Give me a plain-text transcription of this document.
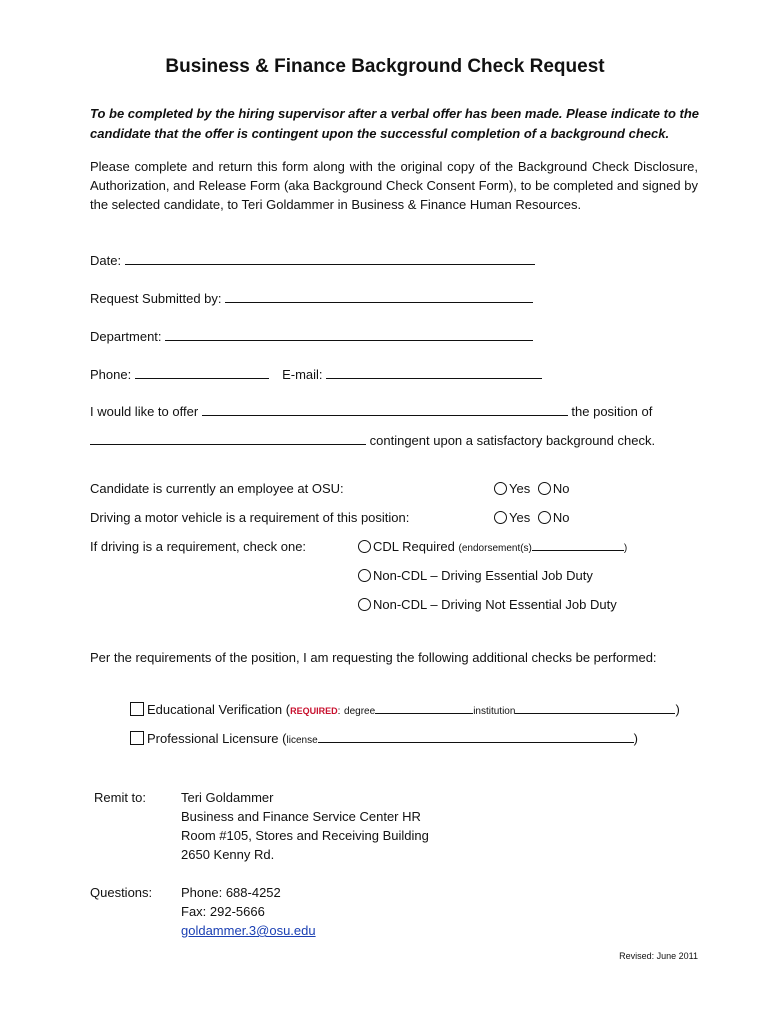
Business & Finance Background Check Request
To be completed by the hiring supervisor after a verbal offer has been made. Please indicate to the candidate that the offer is contingent upon the successful completion of a background check.
Please complete and return this form along with the original copy of the Background Check Disclosure, Authorization, and Release Form (aka Background Check Consent Form), to be completed and signed by the selected candidate, to Teri Goldammer in Business & Finance Human Resources.
Date:
Request Submitted by:
Department:
Phone:	E-mail:
I would like to offer	the position of
contingent upon a satisfactory background check.
Candidate is currently an employee at OSU:	Yes No
Driving a motor vehicle is a requirement of this position:	Yes No
If driving is a requirement, check one:	CDL Required (endorsement(s)	)
Non-CDL – Driving Essential Job Duty
Non-CDL – Driving Not Essential Job Duty
Per the requirements of the position, I am requesting the following additional checks be performed:
Educational Verification (REQUIRED: degree	institution	)
Professional Licensure (license	)
Remit to:	Teri Goldammer
Business and Finance Service Center HR
Room #105, Stores and Receiving Building
2650 Kenny Rd.
Questions: Phone: 688-4252
Fax: 292-5666
goldammer.3@osu.edu
Revised: June 2011
